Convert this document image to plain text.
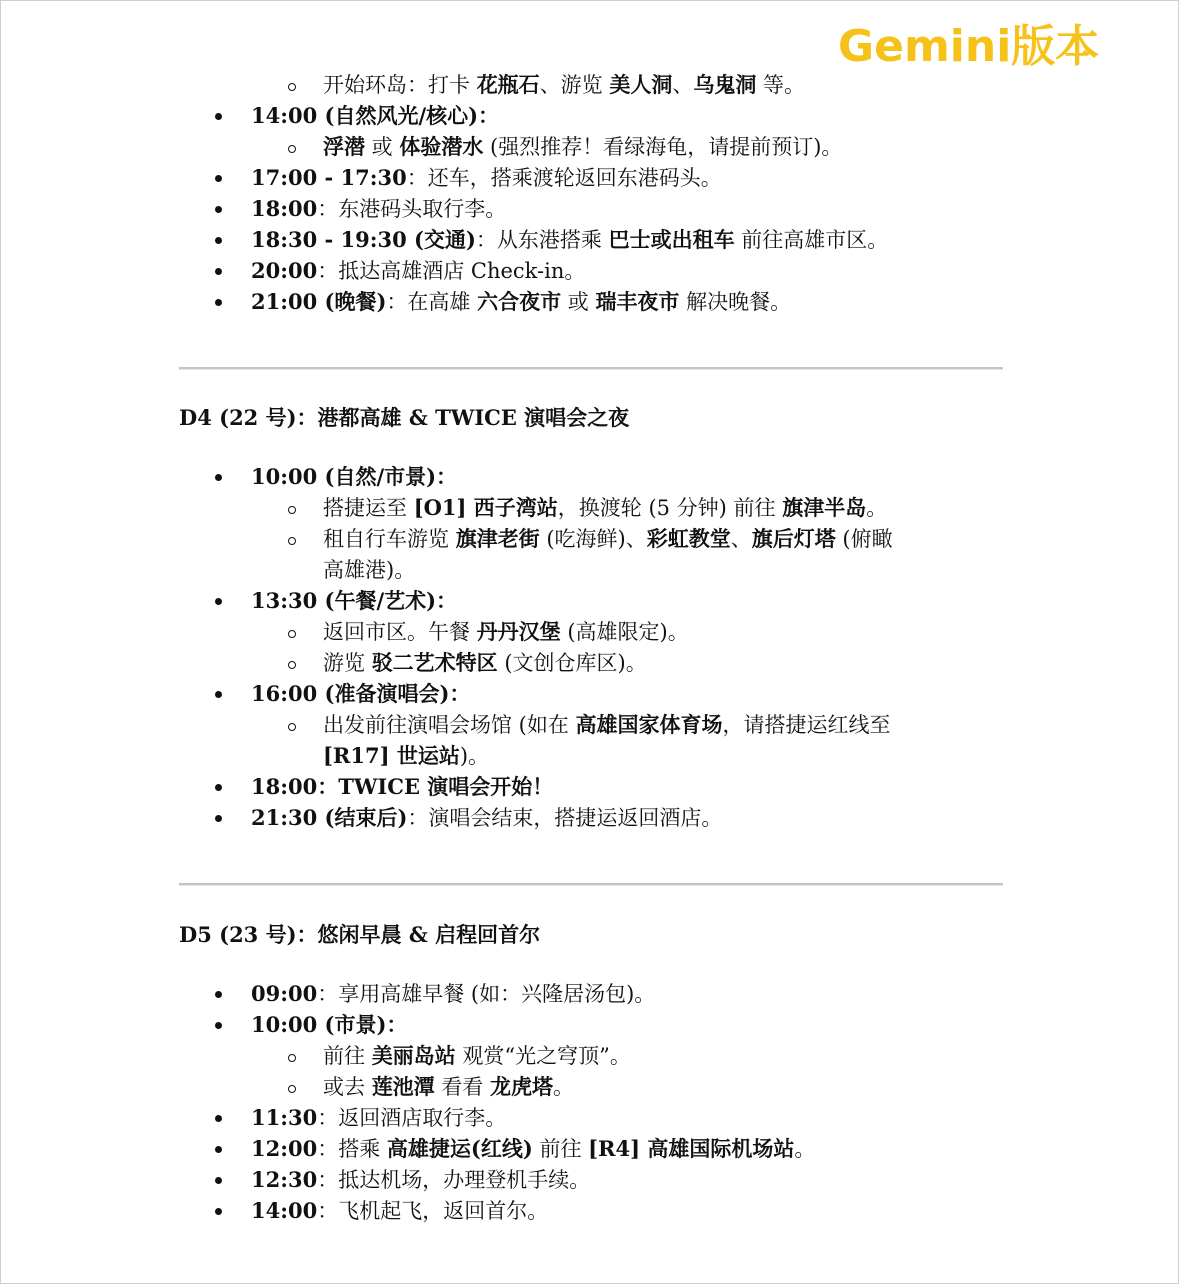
Gemini版本
开始环岛：打卡 花瓶石、游览 美人洞、乌鬼洞 等。
14:00 (自然风光/核心)：
浮潜 或 体验潜水 (强烈推荐！看绿海龟，请提前预订)。
17:00 - 17:30：还车，搭乘渡轮返回东港码头。
18:00：东港码头取行李。
18:30 - 19:30 (交通)：从东港搭乘 巴士或出租车 前往高雄市区。
20:00：抵达高雄酒店 Check-in。
21:00 (晚餐)：在高雄 六合夜市 或 瑞丰夜市 解决晚餐。
D4 (22 号)：港都高雄 & TWICE 演唱会之夜
10:00 (自然/市景)：
搭捷运至 [O1] 西子湾站，换渡轮 (5 分钟) 前往 旗津半岛。
租自行车游览 旗津老街 (吃海鲜)、彩虹教堂、旗后灯塔 (俯瞰
高雄港)。
13:30 (午餐/艺术)：
返回市区。午餐 丹丹汉堡 (高雄限定)。
游览 驳二艺术特区 (文创仓库区)。
16:00 (准备演唱会)：
出发前往演唱会场馆 (如在 高雄国家体育场，请搭捷运红线至
[R17] 世运站)。
18:00：TWICE 演唱会开始！
21:30 (结束后)：演唱会结束，搭捷运返回酒店。
D5 (23 号)：悠闲早晨 & 启程回首尔
09:00：享用高雄早餐 (如：兴隆居汤包)。
10:00 (市景)：
前往 美丽岛站 观赏“光之穹顶”。
或去 莲池潭 看看 龙虎塔。
11:30：返回酒店取行李。
12:00：搭乘 高雄捷运(红线) 前往 [R4] 高雄国际机场站。
12:30：抵达机场，办理登机手续。
14:00：飞机起飞，返回首尔。
